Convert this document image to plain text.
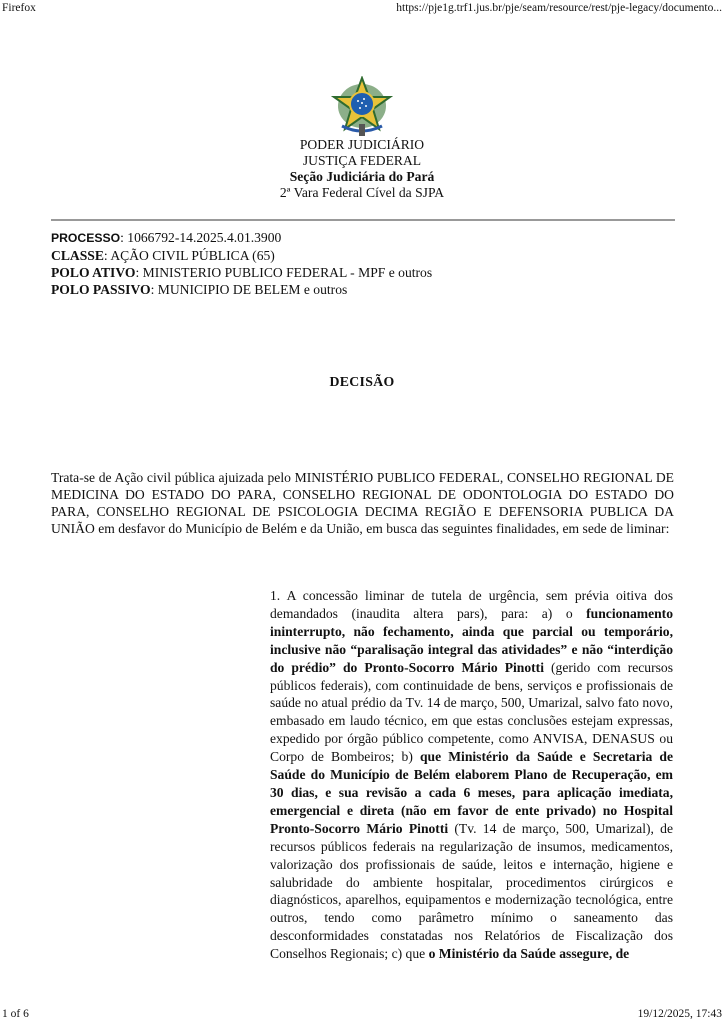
Firefox	https://pje1g.trf1.jus.br/pje/seam/resource/rest/pje-legacy/documento...
PODER JUDICIÁRIO
JUSTIÇA FEDERAL
Seção Judiciária do Pará
2ª Vara Federal Cível da SJPA
PROCESSO: 1066792-14.2025.4.01.3900
CLASSE: AÇÃO CIVIL PÚBLICA (65)
POLO ATIVO: MINISTERIO PUBLICO FEDERAL - MPF e outros
POLO PASSIVO: MUNICIPIO DE BELEM e outros
DECISÃO
Trata-se de Ação civil pública ajuizada pelo MINISTÉRIO PUBLICO FEDERAL, CONSELHO REGIONAL DE MEDICINA DO ESTADO DO PARA, CONSELHO REGIONAL DE ODONTOLOGIA DO ESTADO DO PARA, CONSELHO REGIONAL DE PSICOLOGIA DECIMA REGIÃO E DEFENSORIA PUBLICA DA UNIÃO em desfavor do Município de Belém e da União, em busca das seguintes finalidades, em sede de liminar:
1. A concessão liminar de tutela de urgência, sem prévia oitiva dos demandados (inaudita altera pars), para: a) o funcionamento ininterrupto, não fechamento, ainda que parcial ou temporário, inclusive não “paralisação integral das atividades” e não “interdição do prédio” do Pronto-Socorro Mário Pinotti (gerido com recursos públicos federais), com continuidade de bens, serviços e profissionais de saúde no atual prédio da Tv. 14 de março, 500, Umarizal, salvo fato novo, embasado em laudo técnico, em que estas conclusões estejam expressas, expedido por órgão público competente, como ANVISA, DENASUS ou Corpo de Bombeiros; b) que Ministério da Saúde e Secretaria de Saúde do Município de Belém elaborem Plano de Recuperação, em 30 dias, e sua revisão a cada 6 meses, para aplicação imediata, emergencial e direta (não em favor de ente privado) no Hospital Pronto-Socorro Mário Pinotti (Tv. 14 de março, 500, Umarizal), de recursos públicos federais na regularização de insumos, medicamentos, valorização dos profissionais de saúde, leitos e internação, higiene e salubridade do ambiente hospitalar, procedimentos cirúrgicos e diagnósticos, aparelhos, equipamentos e modernização tecnológica, entre outros, tendo como parâmetro mínimo o saneamento das desconformidades constatadas nos Relatórios de Fiscalização dos Conselhos Regionais; c) que o Ministério da Saúde assegure, de
1 of 6	19/12/2025, 17:43
